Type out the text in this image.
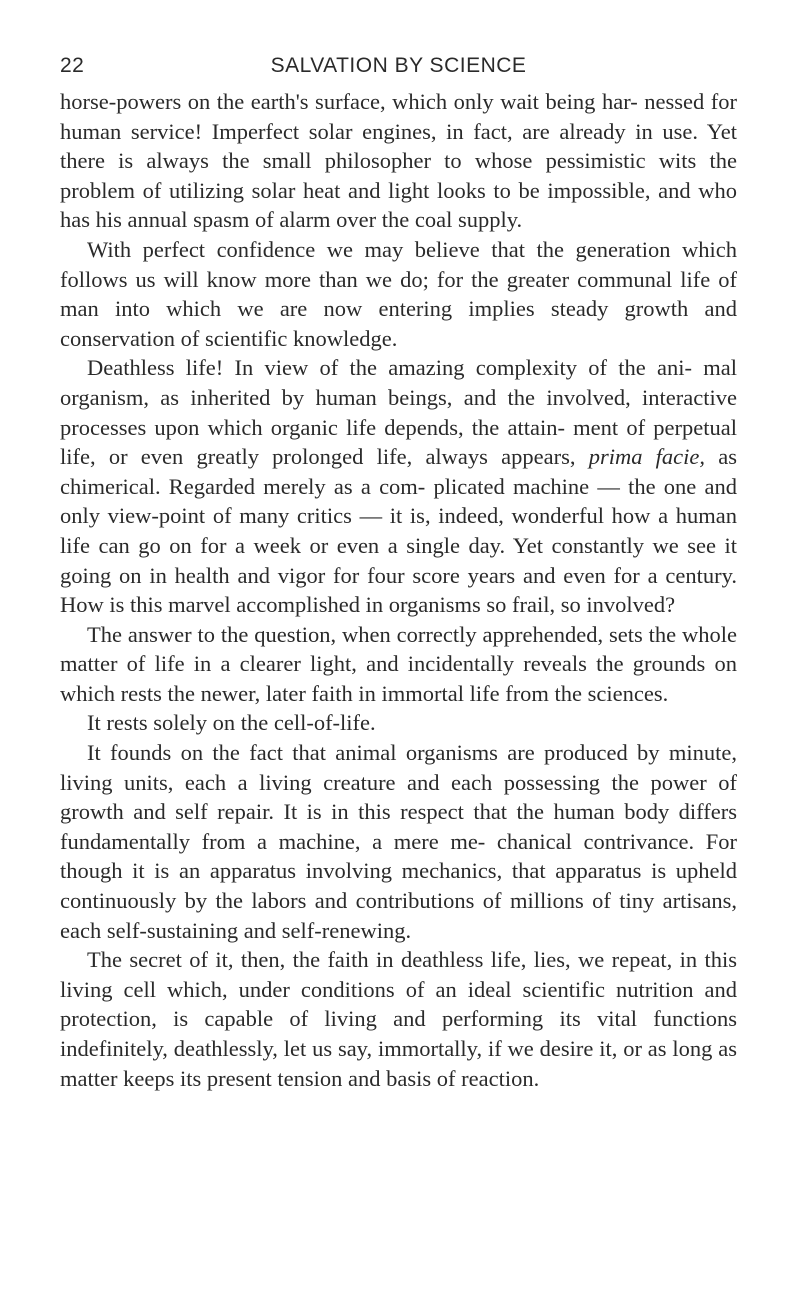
22	SALVATION BY SCIENCE

horse-powers on the earth's surface, which only wait being har- nessed for human service! Imperfect solar engines, in fact, are already in use. Yet there is always the small philosopher to whose pessimistic wits the problem of utilizing solar heat and light looks to be impossible, and who has his annual spasm of alarm over the coal supply.

With perfect confidence we may believe that the generation which follows us will know more than we do; for the greater communal life of man into which we are now entering implies steady growth and conservation of scientific knowledge.

Deathless life! In view of the amazing complexity of the ani- mal organism, as inherited by human beings, and the involved, interactive processes upon which organic life depends, the attain- ment of perpetual life, or even greatly prolonged life, always appears, prima facie, as chimerical. Regarded merely as a com- plicated machine — the one and only view-point of many critics — it is, indeed, wonderful how a human life can go on for a week or even a single day. Yet constantly we see it going on in health and vigor for four score years and even for a century. How is this marvel accomplished in organisms so frail, so involved?

The answer to the question, when correctly apprehended, sets the whole matter of life in a clearer light, and incidentally reveals the grounds on which rests the newer, later faith in immortal life from the sciences.

It rests solely on the cell-of-life.

It founds on the fact that animal organisms are produced by minute, living units, each a living creature and each possessing the power of growth and self repair. It is in this respect that the human body differs fundamentally from a machine, a mere me- chanical contrivance. For though it is an apparatus involving mechanics, that apparatus is upheld continuously by the labors and contributions of millions of tiny artisans, each self-sustaining and self-renewing.

The secret of it, then, the faith in deathless life, lies, we repeat, in this living cell which, under conditions of an ideal scientific nutrition and protection, is capable of living and performing its vital functions indefinitely, deathlessly, let us say, immortally, if we desire it, or as long as matter keeps its present tension and basis of reaction.
